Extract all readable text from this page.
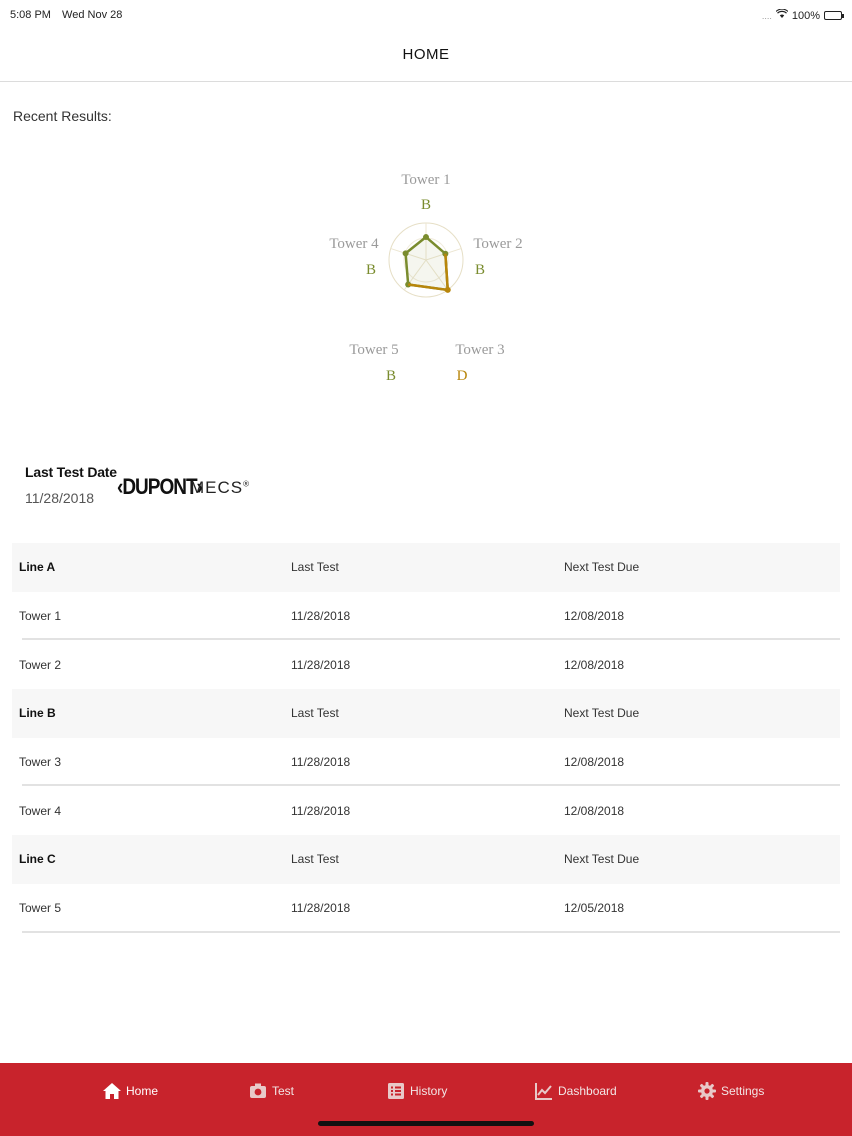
5:08 PM Wed Nov 28	.... 100%
HOME
Recent Results:
Tower 1
B
Tower 2
B
Tower 3
D
Tower 5
B
Tower 4
B
Last Test Date
11/28/2018	‹DUPONT›
MECS®
Line A	Last Test	Next Test Due
Tower 1	11/28/2018	12/08/2018
Tower 2	11/28/2018	12/08/2018
Line B	Last Test	Next Test Due
Tower 3	11/28/2018	12/08/2018
Tower 4	11/28/2018	12/08/2018
Line C	Last Test	Next Test Due
Tower 5	11/28/2018	12/05/2018
Home	Test	History	Dashboard	Settings
